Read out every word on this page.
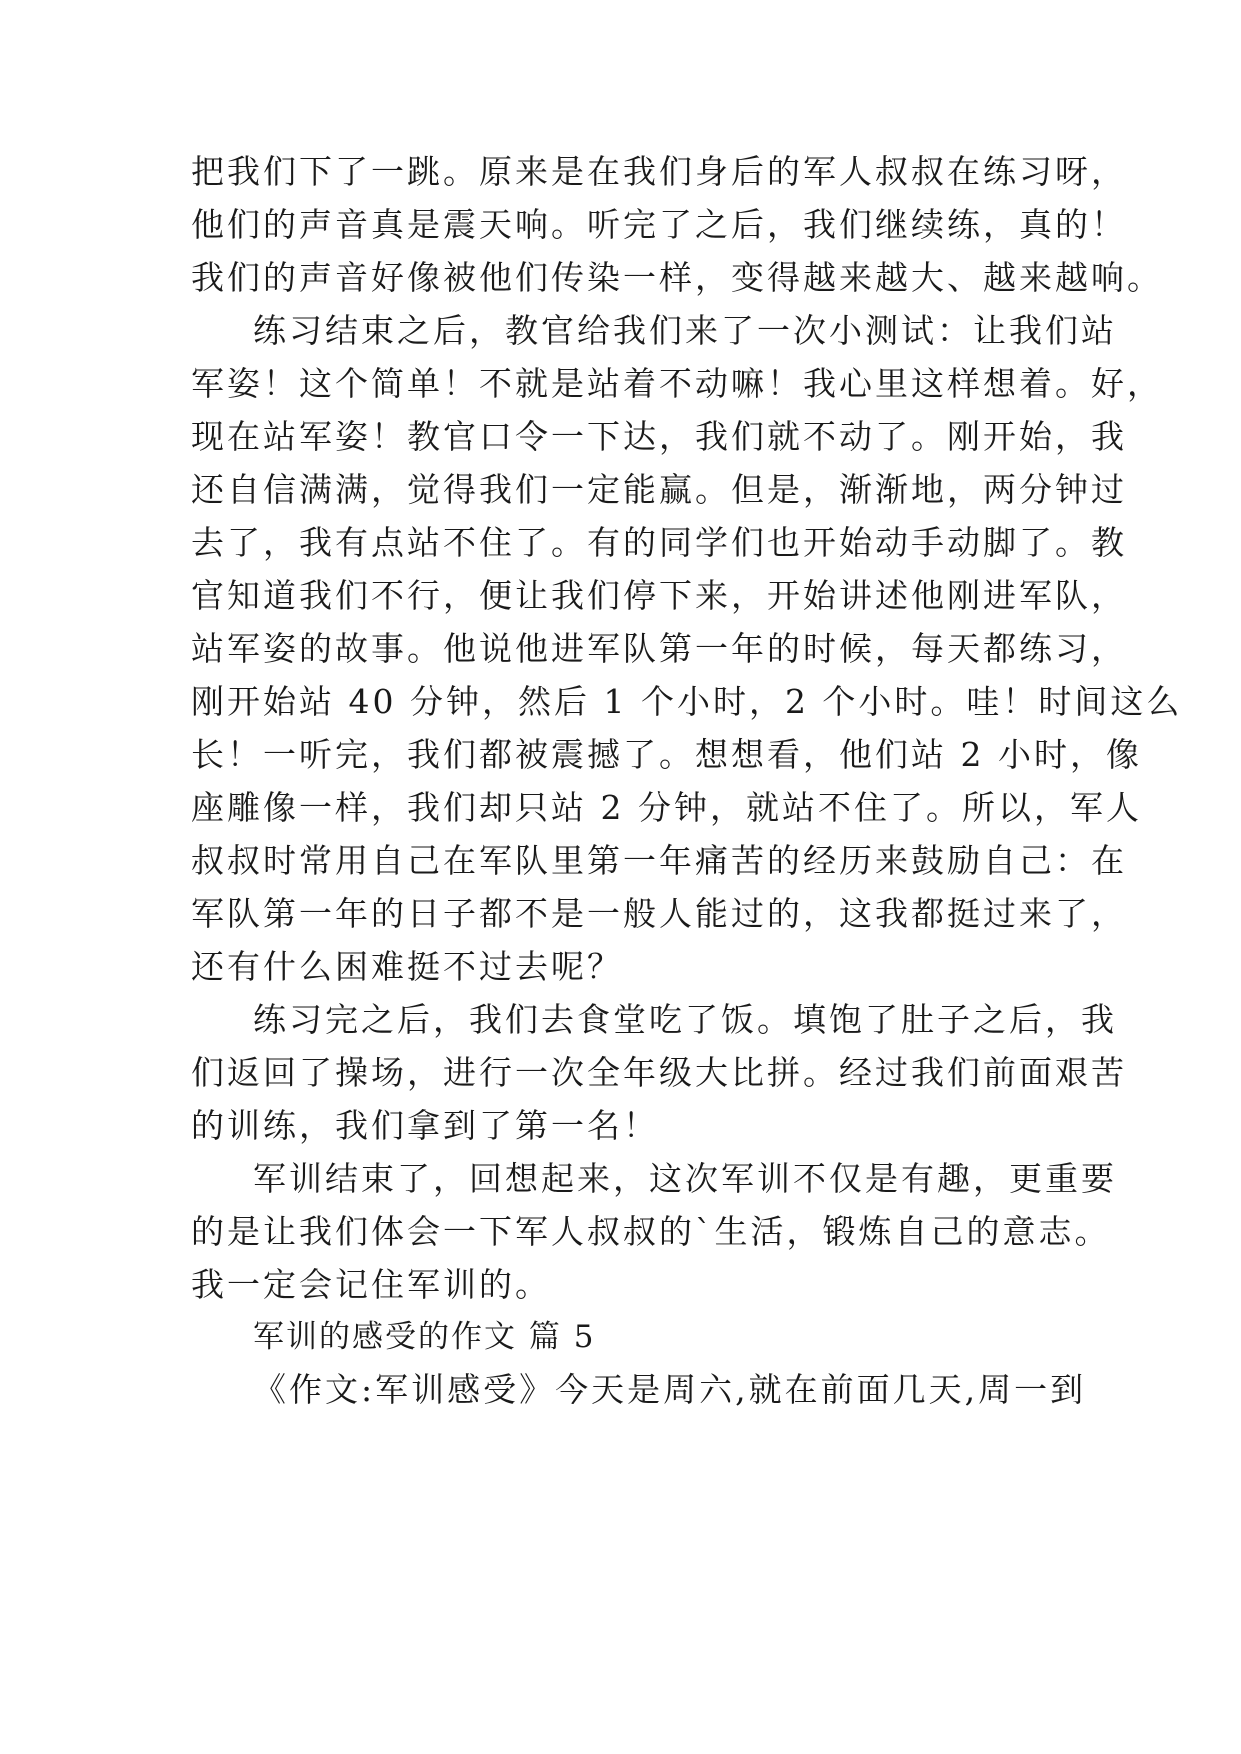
把我们下了一跳。原来是在我们身后的军人叔叔在练习呀，
他们的声音真是震天响。听完了之后，我们继续练，真的！
我们的声音好像被他们传染一样，变得越来越大、越来越响。
练习结束之后，教官给我们来了一次小测试：让我们站
军姿！这个简单！不就是站着不动嘛！我心里这样想着。好，
现在站军姿！教官口令一下达，我们就不动了。刚开始，我
还自信满满，觉得我们一定能赢。但是，渐渐地，两分钟过
去了，我有点站不住了。有的同学们也开始动手动脚了。教
官知道我们不行，便让我们停下来，开始讲述他刚进军队，
站军姿的故事。他说他进军队第一年的时候，每天都练习，
刚开始站 40 分钟，然后 1 个小时，2 个小时。哇！时间这么
长！一听完，我们都被震撼了。想想看，他们站 2 小时，像
座雕像一样，我们却只站 2 分钟，就站不住了。所以，军人
叔叔时常用自己在军队里第一年痛苦的经历来鼓励自己：在
军队第一年的日子都不是一般人能过的，这我都挺过来了，
还有什么困难挺不过去呢？
练习完之后，我们去食堂吃了饭。填饱了肚子之后，我
们返回了操场，进行一次全年级大比拼。经过我们前面艰苦
的训练，我们拿到了第一名！
军训结束了，回想起来，这次军训不仅是有趣，更重要
的是让我们体会一下军人叔叔的`生活，锻炼自己的意志。
我一定会记住军训的。
军训的感受的作文 篇 5
《作文:军训感受》今天是周六,就在前面几天,周一到
